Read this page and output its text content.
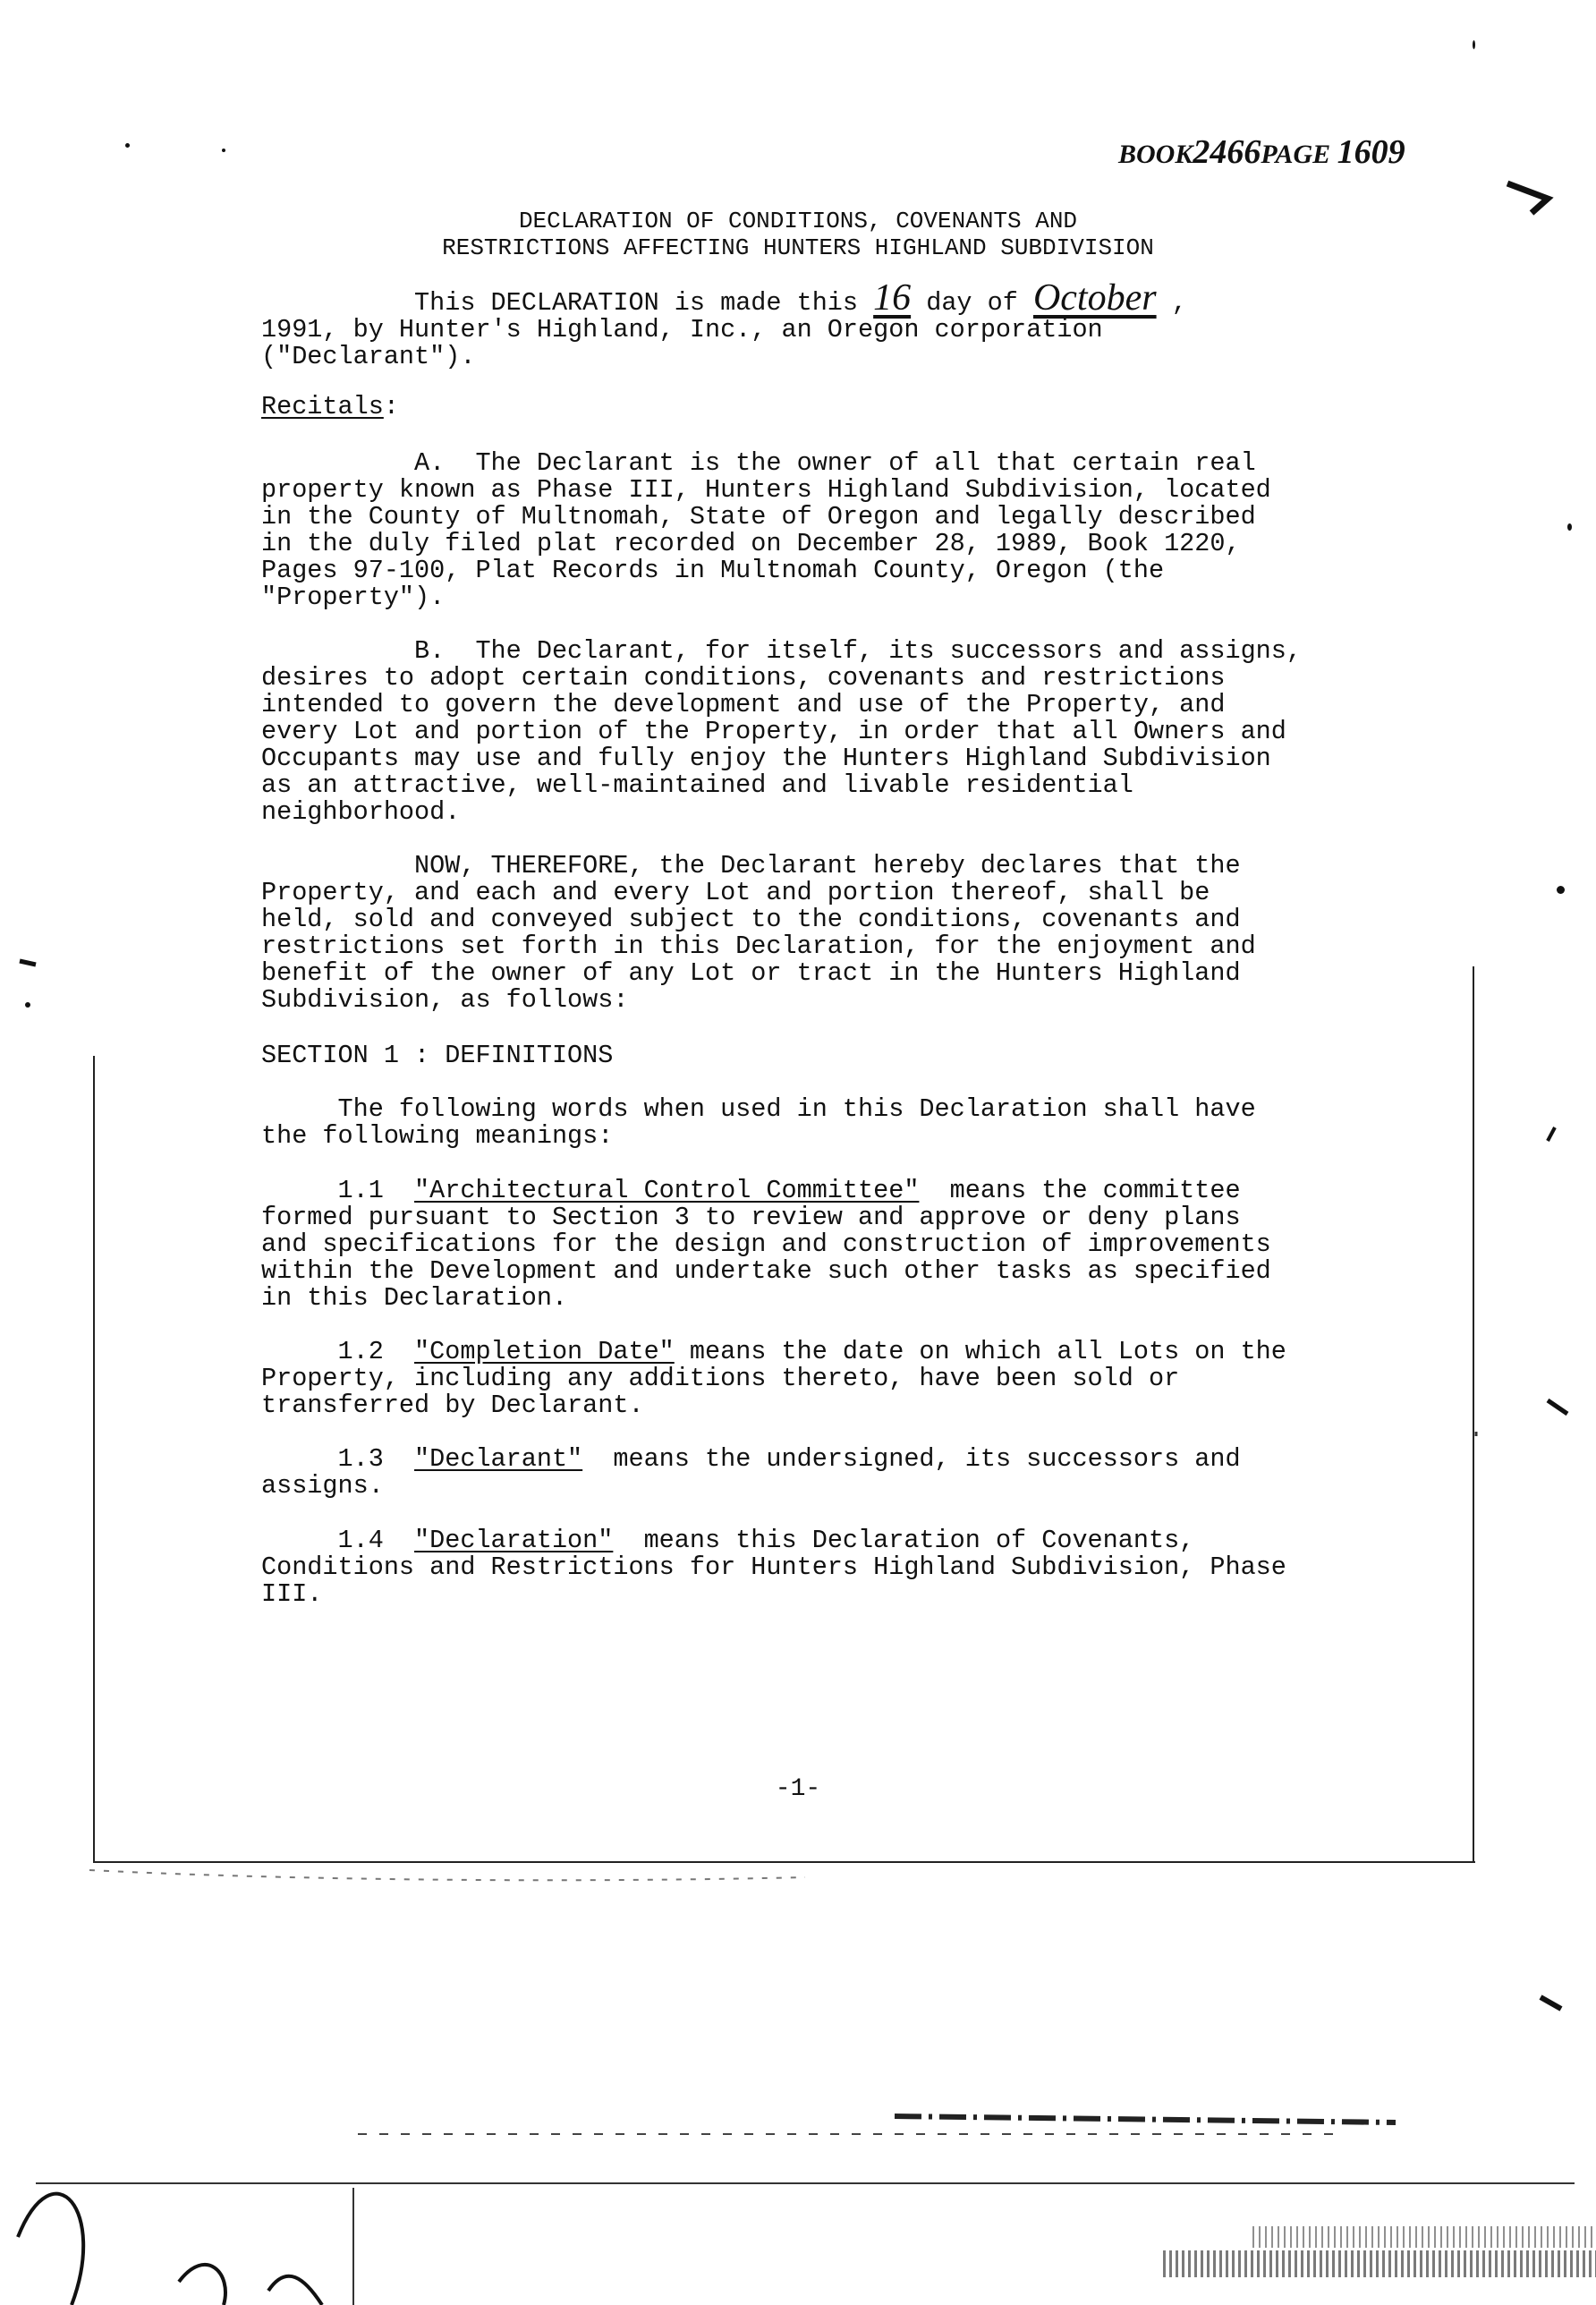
BOOK2466PAGE 1609
DECLARATION OF CONDITIONS, COVENANTS AND
RESTRICTIONS AFFECTING HUNTERS HIGHLAND SUBDIVISION
This DECLARATION is made this 16 day of October ,
1991, by Hunter's Highland, Inc., an Oregon corporation
("Declarant").
Recitals:
A.  The Declarant is the owner of all that certain real
property known as Phase III, Hunters Highland Subdivision, located
in the County of Multnomah, State of Oregon and legally described
in the duly filed plat recorded on December 28, 1989, Book 1220,
Pages 97-100, Plat Records in Multnomah County, Oregon (the
"Property").
B.  The Declarant, for itself, its successors and assigns,
desires to adopt certain conditions, covenants and restrictions
intended to govern the development and use of the Property, and
every Lot and portion of the Property, in order that all Owners and
Occupants may use and fully enjoy the Hunters Highland Subdivision
as an attractive, well-maintained and livable residential
neighborhood.
NOW, THEREFORE, the Declarant hereby declares that the
Property, and each and every Lot and portion thereof, shall be
held, sold and conveyed subject to the conditions, covenants and
restrictions set forth in this Declaration, for the enjoyment and
benefit of the owner of any Lot or tract in the Hunters Highland
Subdivision, as follows:
SECTION 1 : DEFINITIONS
The following words when used in this Declaration shall have
the following meanings:
1.1  "Architectural Control Committee"  means the committee
formed pursuant to Section 3 to review and approve or deny plans
and specifications for the design and construction of improvements
within the Development and undertake such other tasks as specified
in this Declaration.
1.2  "Completion Date" means the date on which all Lots on the
Property, including any additions thereto, have been sold or
transferred by Declarant.
1.3  "Declarant"  means the undersigned, its successors and
assigns.
1.4  "Declaration"  means this Declaration of Covenants,
Conditions and Restrictions for Hunters Highland Subdivision, Phase
III.
-1-
